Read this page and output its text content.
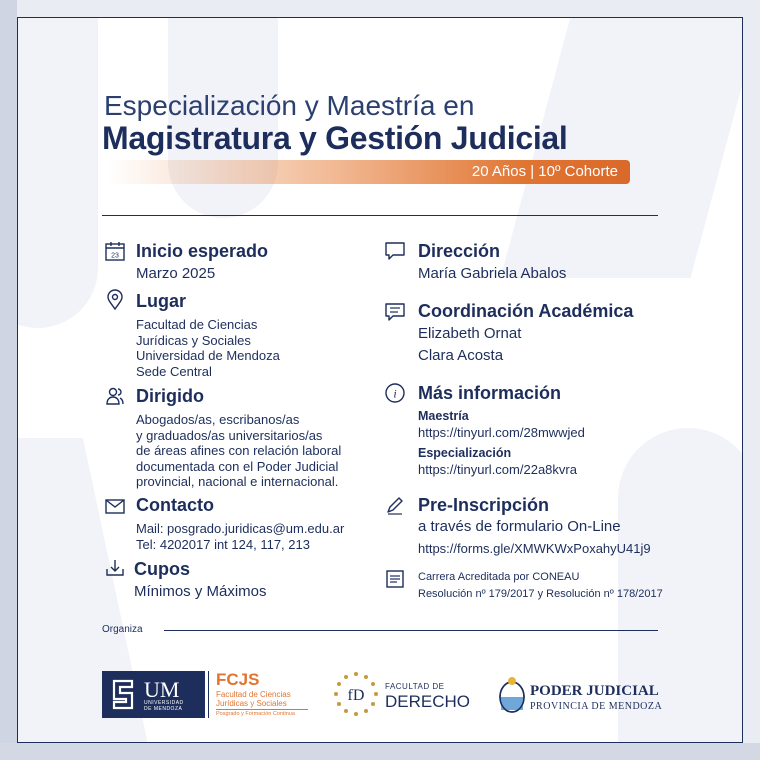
Especialización y Maestría en
Magistratura y Gestión Judicial
20 Años | 10º Cohorte
23 Inicio esperado
Marzo 2025
Lugar
Facultad de Ciencias
Jurídicas y Sociales
Universidad de Mendoza
Sede Central
Dirigido
Abogados/as, escribanos/as
y graduados/as universitarios/as
de áreas afines con relación laboral
documentada con el Poder Judicial
provincial, nacional e internacional.
Contacto
Mail: posgrado.juridicas@um.edu.ar
Tel: 4202017 int 124, 117, 213
Cupos
Mínimos y Máximos
Dirección
María Gabriela Abalos
Coordinación Académica
Elizabeth Ornat
Clara Acosta
i Más información
Maestría
https://tinyurl.com/28mwwjed
Especialización
https://tinyurl.com/22a8kvra
Pre-Inscripción
a través de formulario On-Line
https://forms.gle/XMWKWxPoxahyU41j9
Carrera Acreditada por CONEAU
Resolución nº 179/2017 y Resolución nº 178/2017
Organiza
UM
UNIVERSIDAD
DE MENDOZA
FCJS
Facultad de Ciencias
Jurídicas y Sociales
Posgrado y Formación Continua
fD
FACULTAD DE
DERECHO
PODER JUDICIAL
PROVINCIA DE MENDOZA
